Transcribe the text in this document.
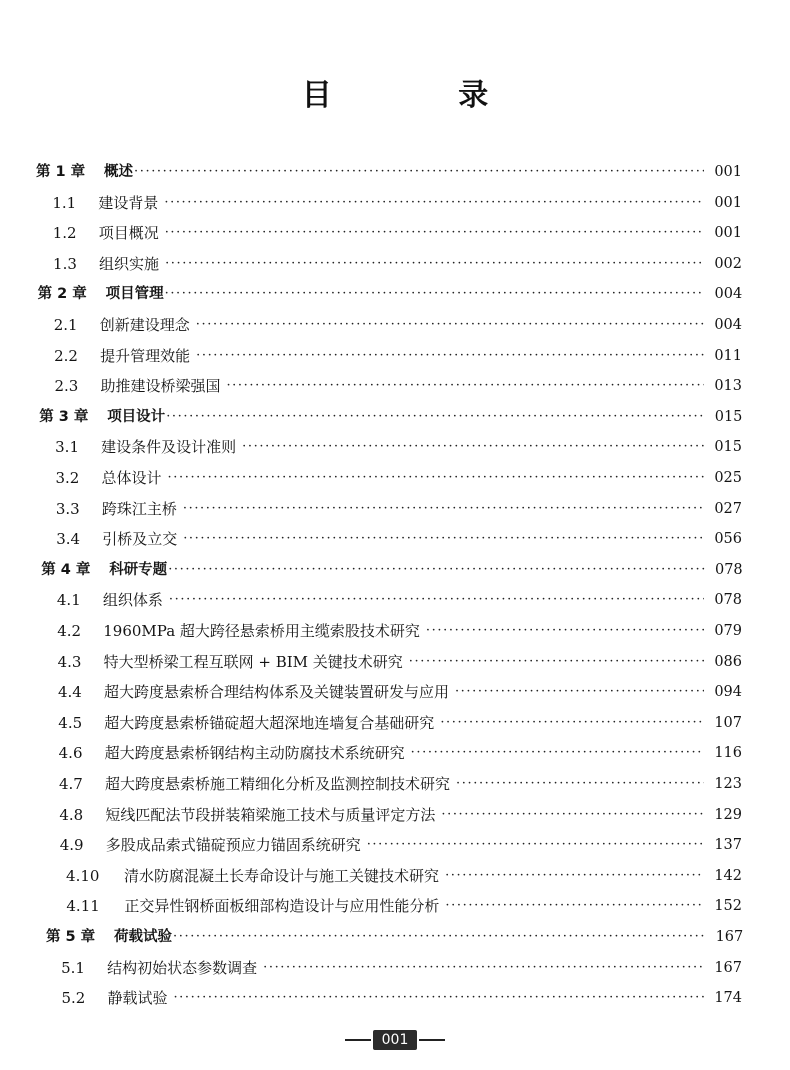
目 录
第 1 章	概述 ·····	001
1.1	建设背景 ·····	001
1.2	项目概况 ·····	001
1.3	组织实施 ·····	002
第 2 章	项目管理 ·····	004
2.1	创新建设理念 ·····	004
2.2	提升管理效能 ·····	011
2.3	助推建设桥梁强国 ·····	013
第 3 章	项目设计 ·····	015
3.1	建设条件及设计准则 ·····	015
3.2	总体设计 ·····	025
3.3	跨珠江主桥 ·····	027
3.4	引桥及立交 ·····	056
第 4 章	科研专题 ·····	078
4.1	组织体系 ·····	078
4.2	1960MPa 超大跨径悬索桥用主缆索股技术研究 ·····	079
4.3	特大型桥梁工程互联网 + BIM 关键技术研究 ·····	086
4.4	超大跨度悬索桥合理结构体系及关键装置研发与应用 ·····	094
4.5	超大跨度悬索桥锚碇超大超深地连墙复合基础研究 ·····	107
4.6	超大跨度悬索桥钢结构主动防腐技术系统研究 ·····	116
4.7	超大跨度悬索桥施工精细化分析及监测控制技术研究 ·····	123
4.8	短线匹配法节段拼装箱梁施工技术与质量评定方法 ·····	129
4.9	多股成品索式锚碇预应力锚固系统研究 ·····	137
4.10	清水防腐混凝土长寿命设计与施工关键技术研究 ·····	142
4.11	正交异性钢桥面板细部构造设计与应用性能分析 ·····	152
第 5 章	荷载试验 ·····	167
5.1	结构初始状态参数调查 ·····	167
5.2	静载试验 ·····	174
001
